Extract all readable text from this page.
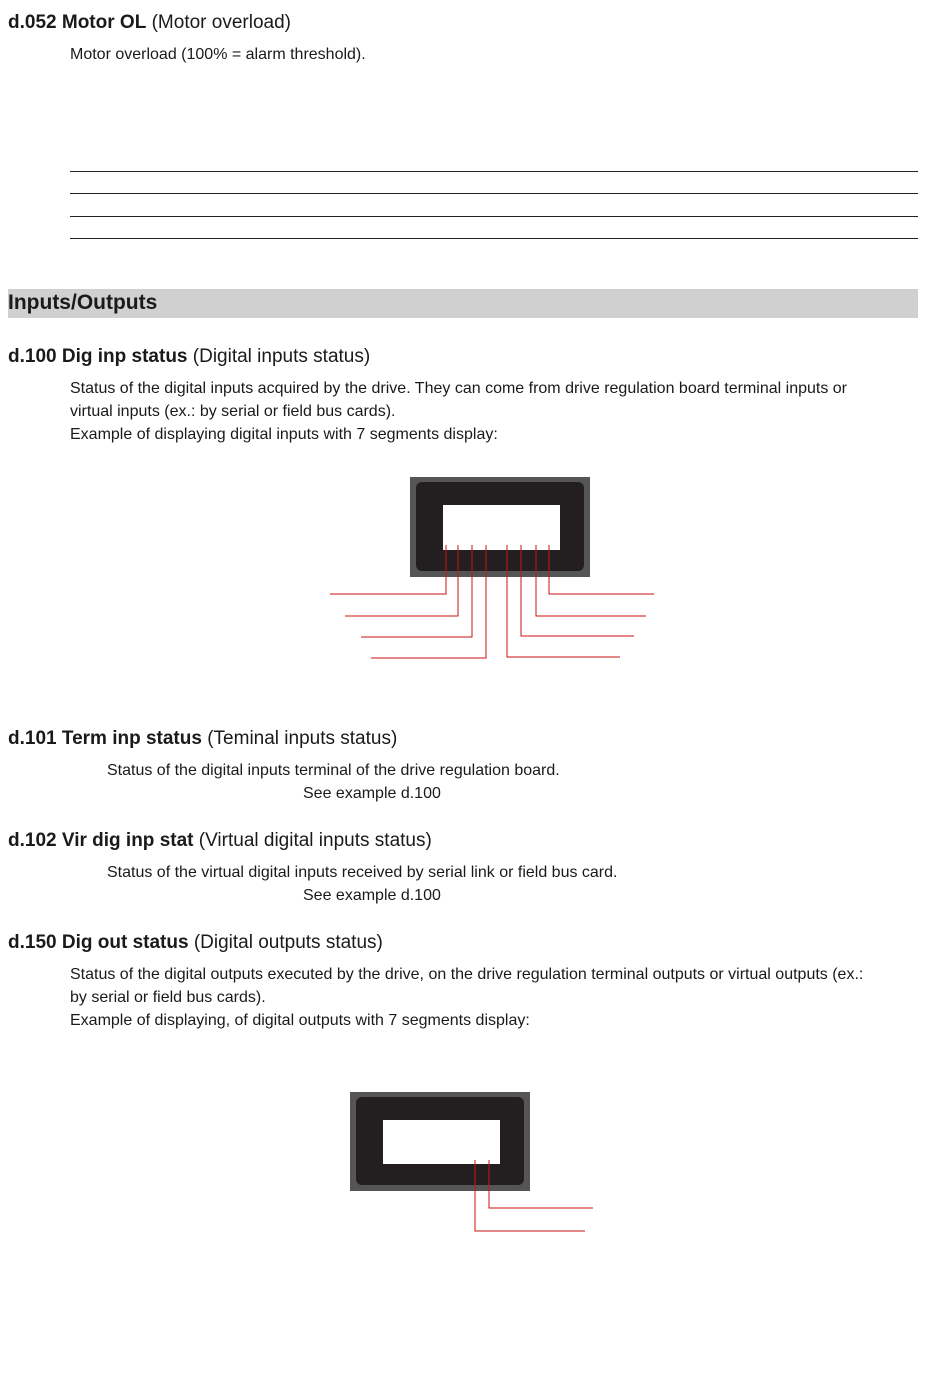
d.052 Motor OL (Motor overload)
Motor overload (100% = alarm threshold).
Inputs/Outputs
d.100 Dig inp status (Digital inputs status)
Status of the digital inputs acquired by the drive. They can come from drive regulation board terminal inputs or
virtual inputs (ex.: by serial or field bus cards).
Example of displaying digital inputs with 7 segments display:
d.101 Term inp status (Teminal inputs status)
Status of the digital inputs terminal of the drive regulation board.
See example d.100
d.102 Vir dig inp stat (Virtual digital inputs status)
Status of the virtual digital inputs received by serial link or field bus card.
See example d.100
d.150 Dig out status (Digital outputs status)
Status of the digital outputs executed by the drive, on the drive regulation terminal outputs or virtual outputs (ex.:
by serial or field bus cards).
Example of displaying, of digital outputs with 7 segments display:
